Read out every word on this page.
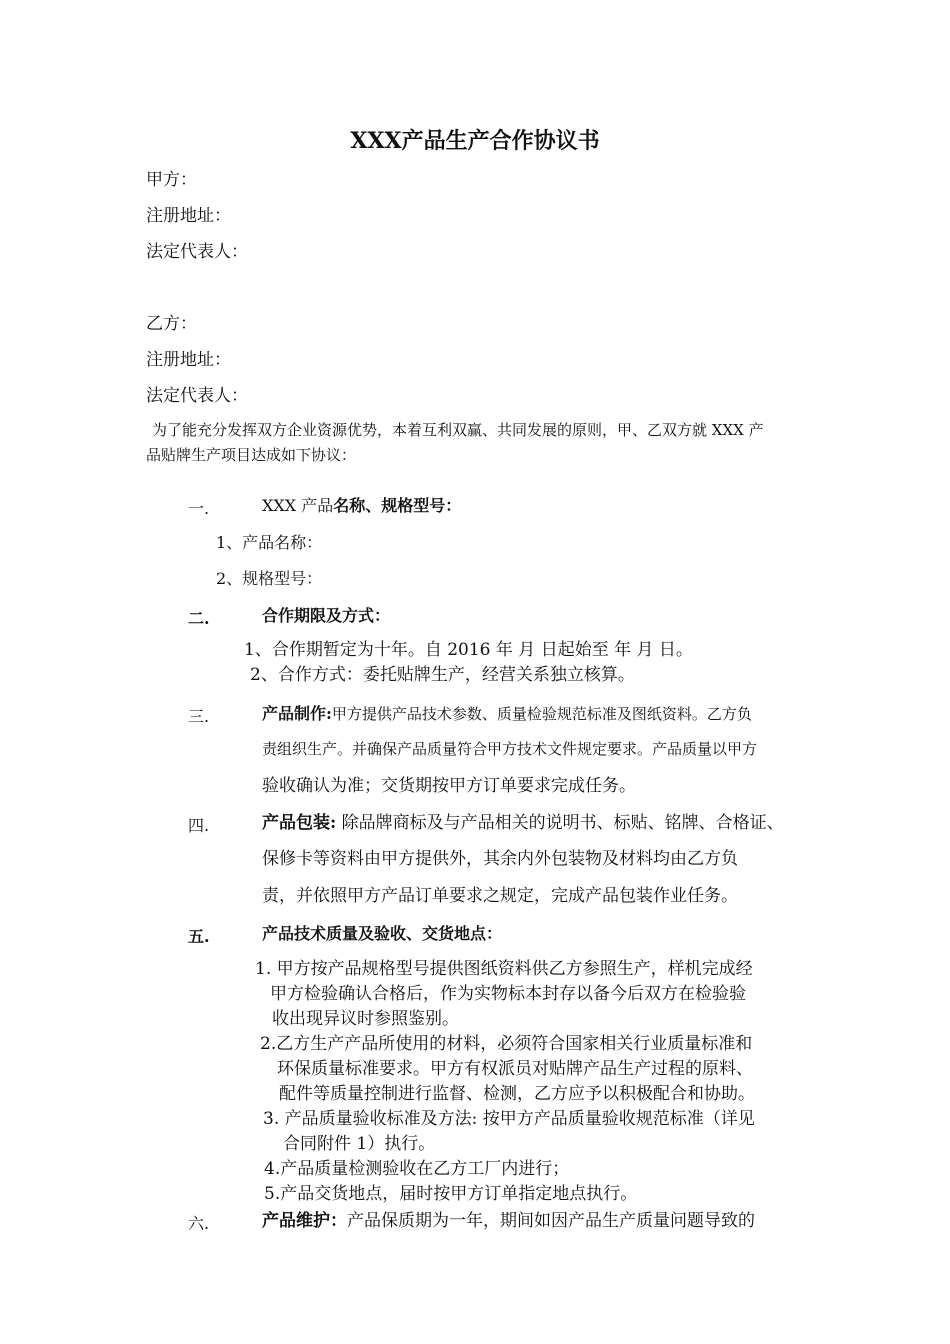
XXX产品生产合作协议书
甲方：
注册地址：
法定代表人：
乙方：
注册地址：
法定代表人：
为了能充分发挥双方企业资源优势，本着互利双赢、共同发展的原则，甲、乙双方就 XXX 产
品贴牌生产项目达成如下协议：
一.	XXX 产品名称、规格型号：
1、产品名称：
2、规格型号：
二.	合作期限及方式：
1、合作期暂定为十年。自 2016 年 月 日起始至 年 月 日。
2、合作方式：委托贴牌生产，经营关系独立核算。
三.	产品制作:甲方提供产品技术参数、质量检验规范标准及图纸资料。乙方负
责组织生产。并确保产品质量符合甲方技术文件规定要求。产品质量以甲方
验收确认为准；交货期按甲方订单要求完成任务。
四.	产品包装: 除品牌商标及与产品相关的说明书、标贴、铭牌、合格证、
保修卡等资料由甲方提供外，其余内外包装物及材料均由乙方负
责，并依照甲方产品订单要求之规定，完成产品包装作业任务。
五.	产品技术质量及验收、交货地点：
1. 甲方按产品规格型号提供图纸资料供乙方参照生产，样机完成经
甲方检验确认合格后，作为实物标本封存以备今后双方在检验验
收出现异议时参照鉴别。
2.乙方生产产品所使用的材料，必须符合国家相关行业质量标准和
环保质量标准要求。甲方有权派员对贴牌产品生产过程的原料、
配件等质量控制进行监督、检测，乙方应予以积极配合和协助。
3. 产品质量验收标准及方法: 按甲方产品质量验收规范标准（详见
合同附件 1）执行。
4.产品质量检测验收在乙方工厂内进行；
5.产品交货地点，届时按甲方订单指定地点执行。
六.	产品维护：产品保质期为一年，期间如因产品生产质量问题导致的
